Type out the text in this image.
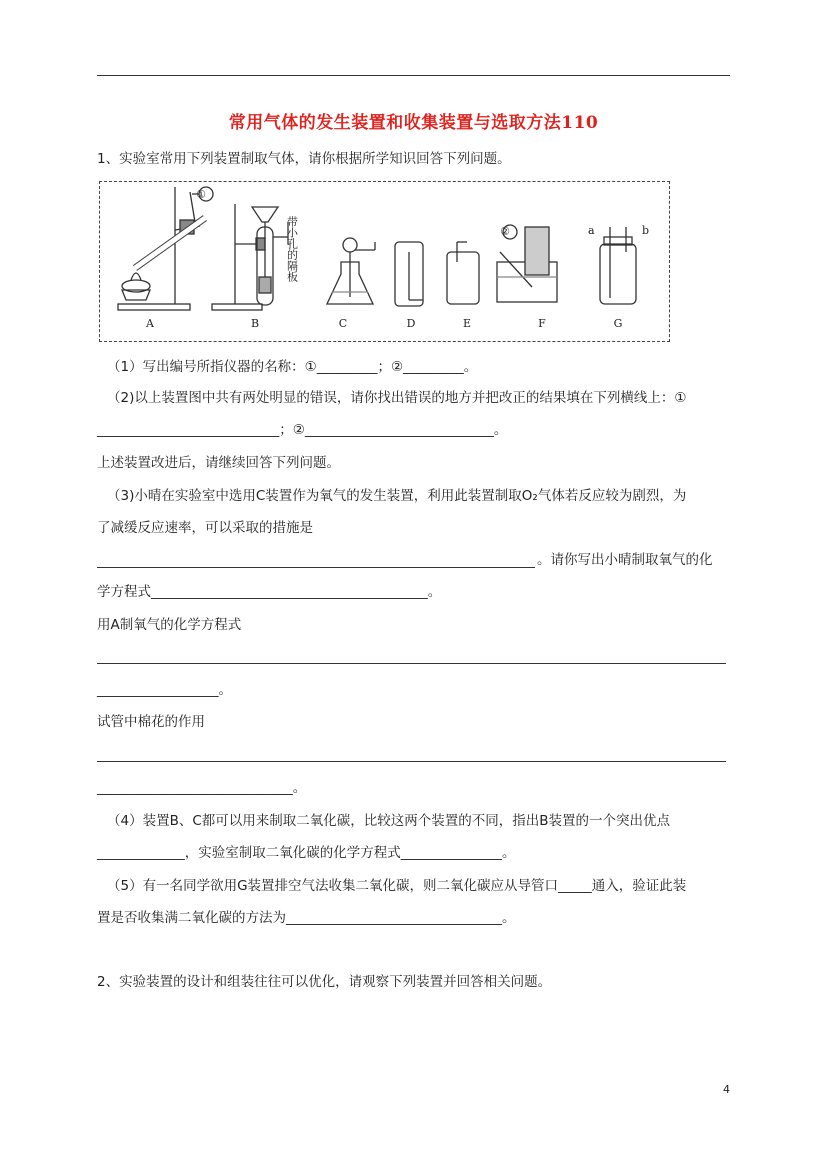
常用气体的发生装置和收集装置与选取方法110
1、实验室常用下列装置制取气体，请你根据所学知识回答下列问题。
①
②	a	b
带小孔的隔板
A	B	C	D	E	F	G
（1）写出编号所指仪器的名称：①_________；②_________。
（2)以上装置图中共有两处明显的错误，请你找出错误的地方并把改正的结果填在下列横线上：①
___________________________；②____________________________。
上述装置改进后，请继续回答下列问题。
（3)小晴在实验室中选用C装置作为氧气的发生装置，利用此装置制取O₂气体若反应较为剧烈，为
了减缓反应速率，可以采取的措施是
。请你写出小晴制取氧气的化
学方程式_________________________________________。
用A制氧气的化学方程式
__________________。
试管中棉花的作用
_____________________________。
（4）装置B、C都可以用来制取二氧化碳，比较这两个装置的不同，指出B装置的一个突出优点
_____________，实验室制取二氧化碳的化学方程式_______________。
（5）有一名同学欲用G装置排空气法收集二氧化碳，则二氧化碳应从导管口_____通入，验证此装
置是否收集满二氧化碳的方法为________________________________。
2、实验装置的设计和组装往往可以优化，请观察下列装置并回答相关问题。
4
